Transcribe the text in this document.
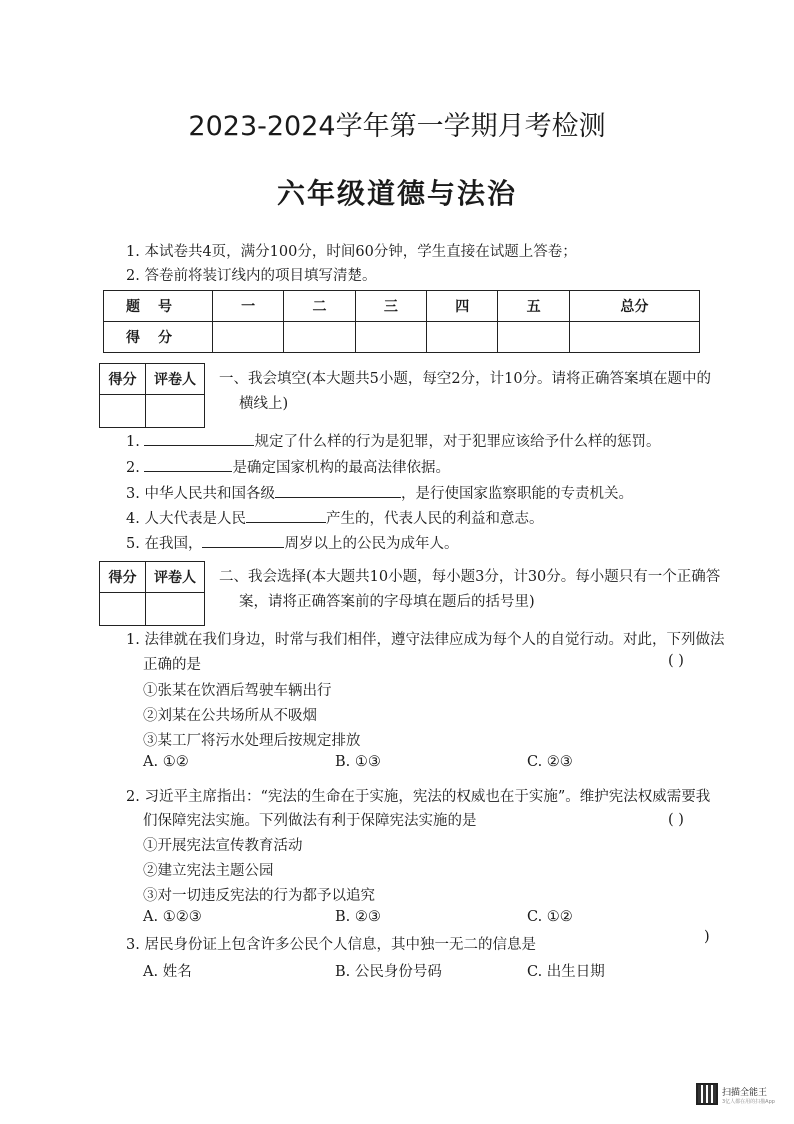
2023-2024学年第一学期月考检测
六年级道德与法治
1. 本试卷共4页，满分100分，时间60分钟，学生直接在试题上答卷；
2. 答卷前将装订线内的项目填写清楚。
题号	一	二	三	四	五	总分
得分						
得分	评卷人
	一、我会填空(本大题共5小题，每空2分，计10分。请将正确答案填在题中的
横线上)
1.	规定了什么样的行为是犯罪，对于犯罪应该给予什么样的惩罚。
2.	是确定国家机构的最高法律依据。
3. 中华人民共和国各级	，是行使国家监察职能的专责机关。
4. 人大代表是人民	产生的，代表人民的利益和意志。
5. 在我国，	周岁以上的公民为成年人。
得分	评卷人
	二、我会选择(本大题共10小题，每小题3分，计30分。每小题只有一个正确答
案，请将正确答案前的字母填在题后的括号里)
1. 法律就在我们身边，时常与我们相伴，遵守法律应成为每个人的自觉行动。对此，下列做法
正确的是	( )
①张某在饮酒后驾驶车辆出行
②刘某在公共场所从不吸烟
③某工厂将污水处理后按规定排放
A. ①②	B. ①③	C. ②③
2. 习近平主席指出：“宪法的生命在于实施，宪法的权威也在于实施”。维护宪法权威需要我
们保障宪法实施。下列做法有利于保障宪法实施的是	( )
①开展宪法宣传教育活动
②建立宪法主题公园
③对一切违反宪法的行为都予以追究
A. ①②③	B. ②③	C. ①②
3. 居民身份证上包含许多公民个人信息，其中独一无二的信息是	)
A. 姓名	B. 公民身份号码	C. 出生日期
扫描全能王
3亿人都在用的扫描App
